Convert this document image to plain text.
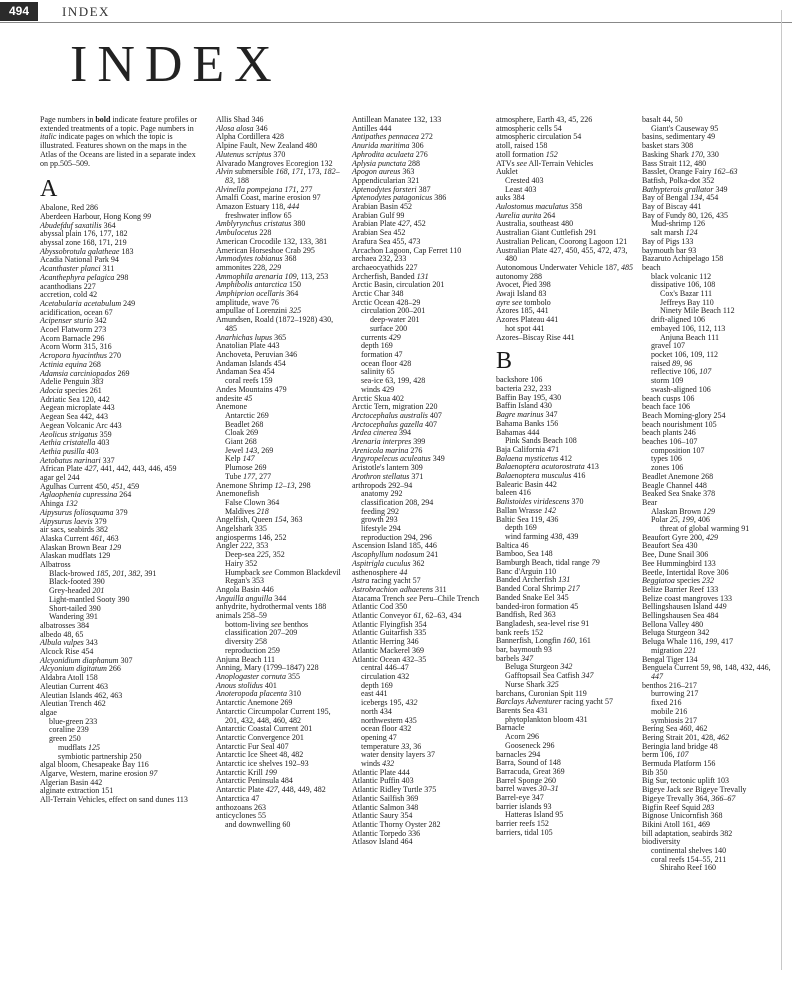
494	INDEX
INDEX
Page numbers in bold indicate feature profiles or extended treatments of a topic. Page numbers in italic indicate pages on which the topic is illustrated. Features shown on the maps in the Atlas of the Oceans are listed in a separate index on pp.505–509.
A
Abalone, Red 286
Aberdeen Harbour, Hong Kong 99
Abudefduf saxatilis 364
abyssal plain 176, 177, 182
abyssal zone 168, 171, 219
Abyssobrotula galatheae 183
Acadia National Park 94
Acanthaster planci 311
Acanthephyra pelagica 298
acanthodians 227
accretion, cold 42
Acetabularia acetabulum 249
acidification, ocean 67
Acipenser sturio 342
Acoel Flatworm 273
Acorn Barnacle 296
Acorn Worm 315, 316
Acropora hyacinthus 270
Actinia equina 268
Adamsia carciniopados 269
Adelie Penguin 383
Adocia species 261
Adriatic Sea 120, 442
Aegean microplate 443
Aegean Sea 442, 443
Aegean Volcanic Arc 443
Aeolicus strigatus 359
Aethia cristatella 403
Aethia pusilla 403
Aetobatus narinari 337
African Plate 427, 441, 442, 443, 446, 459
agar gel 244
Agulhas Current 450, 451, 459
Aglaophenia cupressina 264
Ahinga 132
Aipysurus foliosquama 379
Aipysurus laevis 379
air sacs, seabirds 382
Alaska Current 461, 463
Alaskan Brown Bear 129
Alaskan mudflats 129
Albatross
Black-browed 185, 201, 382, 391
Black-footed 390
Grey-headed 201
Light-mantled Sooty 390
Short-tailed 390
Wandering 391
albatrosses 384
albedo 48, 65
Albula vulpes 343
Alcock Rise 454
Alcyonidium diaphanum 307
Alcyonium digitatum 266
Aldabra Atoll 158
Aleutian Current 463
Aleutian Islands 462, 463
Aleutian Trench 462
algae
blue-green 233
coraline 239
green 250
mudflats 125
symbiotic partnership 250
algal bloom, Chesapeake Bay 116
Algarve, Western, marine erosion 97
Algerian Basin 442
alginate extraction 151
All-Terrain Vehicles, effect on sand dunes 113
Allis Shad 346
Alosa alosa 346
Alpha Cordillera 428
Alpine Fault, New Zealand 480
Alutenus scriptus 370
Alvarado Mangroves Ecoregion 132
Alvin submersible 168, 171, 173, 182–83, 188
Alvinella pompejana 171, 277
Amalfi Coast, marine erosion 97
Amazon Estuary 118, 444
freshwater inflow 65
Amblyrynchus cristatus 380
Ambulocetus 228
American Crocodile 132, 133, 381
American Horseshoe Crab 295
Ammodytes tobianus 368
ammonites 228, 229
Ammophila arenaria 109, 113, 253
Amphibolis antarctica 150
Amphiprion ocellaris 364
amplitude, wave 76
ampullae of Lorenzini 325
Amundsen, Roald (1872–1928) 430, 485
Anarhichas lupus 365
Anatolian Plate 443
Anchoveta, Peruvian 346
Andaman Islands 454
Andaman Sea 454
coral reefs 159
Andes Mountains 479
andesite 45
Anemone
Antarctic 269
Beadlet 268
Cloak 269
Giant 268
Jewel 143, 269
Kelp 147
Plumose 269
Tube 177, 277
Anemone Shrimp 12–13, 298
Anemonefish
False Clown 364
Maldives 218
Angelfish, Queen 154, 363
Angelshark 335
angiosperms 146, 252
Angler 222, 353
Deep-sea 225, 352
Hairy 352
Humpback see Common Blackdevil
Regan's 353
Angola Basin 446
Anguilla anguilla 344
anhydrite, hydrothermal vents 188
animals 258–59
bottom-living see benthos
classification 207–209
diversity 258
reproduction 259
Anjuna Beach 111
Anning, Mary (1799–1847) 228
Anoplogaster cornuta 355
Anous stolidus 401
Anoteropoda placenta 310
Antarctic Anemone 269
Antarctic Circumpolar Current 195, 201, 432, 448, 460, 482
Antarctic Coastal Current 201
Antarctic Convergence 201
Antarctic Fur Seal 407
Antarctic Ice Sheet 48, 482
Antarctic ice shelves 192–93
Antarctic Krill 199
Antarctic Peninsula 484
Antarctic Plate 427, 448, 449, 482
Antarctica 47
anthozoans 263
anticyclones 55
and downwelling 60
Antillean Manatee 132, 133
Antilles 444
Antipathes pennacea 272
Anurida maritima 306
Aphrodita aculaeta 276
Aplysia punctata 288
Apogon aureus 363
Appendicularian 321
Aptenodytes forsteri 387
Aptenodytes patagonicus 386
Arabian Basin 452
Arabian Gulf 99
Arabian Plate 427, 452
Arabian Sea 452
Arafura Sea 455, 473
Arcachon Lagoon, Cap Ferret 110
archaea 232, 233
archaeocyathids 227
Archerfish, Banded 131
Arctic Basin, circulation 201
Arctic Char 348
Arctic Ocean 428–29
circulation 200–201
deep-water 201
surface 200
currents 429
depth 169
formation 47
ocean floor 428
salinity 65
sea-ice 63, 199, 428
winds 429
Arctic Skua 402
Arctic Tern, migration 220
Arctocephalus australis 407
Arctocephalus gazella 407
Ardea cinerea 394
Arenaria interpres 399
Arenicola marina 276
Argyropelecus aculeatus 349
Aristotle's lantern 309
Arothron stellatus 371
arthropods 292–94
anatomy 292
classification 208, 294
feeding 292
growth 293
lifestyle 294
reproduction 294, 296
Ascension Island 185, 446
Ascophyllum nodosum 241
Aspitrigla cuculus 362
asthenosphere 44
Astra racing yacht 57
Astrobrachion adhaerens 311
Atacama Trench see Peru–Chile Trench
Atlantic Cod 350
Atlantic Conveyor 61, 62–63, 434
Atlantic Flyingfish 354
Atlantic Guitarfish 335
Atlantic Herring 346
Atlantic Mackerel 369
Atlantic Ocean 432–35
central 446–47
circulation 432
depth 169
east 441
icebergs 195, 432
north 434
northwestern 435
ocean floor 432
opening 47
temperature 33, 36
water density layers 37
winds 432
Atlantic Plate 444
Atlantic Puffin 403
Atlantic Ridley Turtle 375
Atlantic Sailfish 369
Atlantic Salmon 348
Atlantic Saury 354
Atlantic Thorny Oyster 282
Atlantic Torpedo 336
Atlasov Island 464
atmosphere, Earth 43, 45, 226
atmospheric cells 54
atmospheric circulation 54
atoll, raised 158
atoll formation 152
ATVs see All-Terrain Vehicles
Auklet
Crested 403
Least 403
auks 384
Aulostomus maculatus 358
Aurelia aurita 264
Australia, southeast 480
Australian Giant Cuttlefish 291
Australian Pelican, Coorong Lagoon 121
Australian Plate 427, 450, 455, 472, 473, 480
Autonomous Underwater Vehicle 187, 485
autonomy 288
Avocet, Pied 398
Awaji Island 83
ayre see tombolo
Azores 185, 441
Azores Plateau 441
hot spot 441
Azores–Biscay Rise 441
B
backshore 106
bacteria 232, 233
Baffin Bay 195, 430
Baffin Island 430
Bagre marinus 347
Bahama Banks 156
Bahamas 444
Pink Sands Beach 108
Baja California 471
Balaena mysticetus 412
Balaenoptera acutorostrata 413
Balaenoptera musculus 416
Balearic Basin 442
baleen 416
Balistoides viridescens 370
Ballan Wrasse 142
Baltic Sea 119, 436
depth 169
wind farming 438, 439
Baltica 46
Bamboo, Sea 148
Bamburgh Beach, tidal range 79
Banc d'Arguin 110
Banded Archerfish 131
Banded Coral Shrimp 217
Banded Snake Eel 345
banded-iron formation 45
Bandfish, Red 363
Bangladesh, sea-level rise 91
bank reefs 152
Bannerfish, Longfin 160, 161
bar, baymouth 93
barbels 347
Beluga Sturgeon 342
Gafftopsail Sea Catfish 347
Nurse Shark 325
barchans, Curonian Spit 119
Barclays Adventurer racing yacht 57
Barents Sea 431
phytoplankton bloom 431
Barnacle
Acorn 296
Gooseneck 296
barnacles 294
Barra, Sound of 148
Barracuda, Great 369
Barrel Sponge 260
barrel waves 30–31
Barrel-eye 347
barrier islands 93
Hatteras Island 95
barrier reefs 152
barriers, tidal 105
basalt 44, 50
Giant's Causeway 95
basins, sedimentary 49
basket stars 308
Basking Shark 170, 330
Bass Strait 112, 480
Basslet, Orange Fairy 162–63
Batfish, Polka-dot 352
Bathypterois grallator 349
Bay of Bengal 134, 454
Bay of Biscay 441
Bay of Fundy 80, 126, 435
Mud-shrimp 126
salt marsh 124
Bay of Pigs 133
baymouth bar 93
Bazaruto Achipelago 158
beach
black volcanic 112
dissipative 106, 108
Cox's Bazar 111
Jeffreys Bay 110
Ninety Mile Beach 112
drift-aligned 106
embayed 106, 112, 113
Anjuna Beach 111
gravel 107
pocket 106, 109, 112
raised 89, 96
reflective 106, 107
storm 109
swash-aligned 106
beach cusps 106
beach face 106
Beach Morning-glory 254
beach nourishment 105
beach plants 246
beaches 106–107
composition 107
types 106
zones 106
Beadlet Anemone 268
Beagle Channel 448
Beaked Sea Snake 378
Bear
Alaskan Brown 129
Polar 25, 199, 406
threat of global warming 91
Beaufort Gyre 200, 429
Beaufort Sea 430
Bee, Dune Snail 306
Bee Hummingbird 133
Beetle, Intertidal Rove 306
Beggiatoa species 232
Belize Barrier Reef 133
Belize coast mangroves 133
Bellingshausen Island 449
Bellingshausen Sea 484
Bellona Valley 480
Beluga Sturgeon 342
Beluga Whale 116, 199, 417
migration 221
Bengal Tiger 134
Benguela Current 59, 98, 148, 432, 446, 447
benthos 216–217
burrowing 217
fixed 216
mobile 216
symbiosis 217
Bering Sea 460, 462
Bering Strait 201, 428, 462
Beringia land bridge 48
berm 106, 107
Bermuda Platform 156
Bib 350
Big Sur, tectonic uplift 103
Bigeye Jack see Bigeye Trevally
Bigeye Trevally 364, 366–67
Bigfin Reef Squid 283
Bignose Unicornfish 368
Bikini Atoll 161, 469
bill adaptation, seabirds 382
biodiversity
continental shelves 140
coral reefs 154–55, 211
Shiraho Reef 160
